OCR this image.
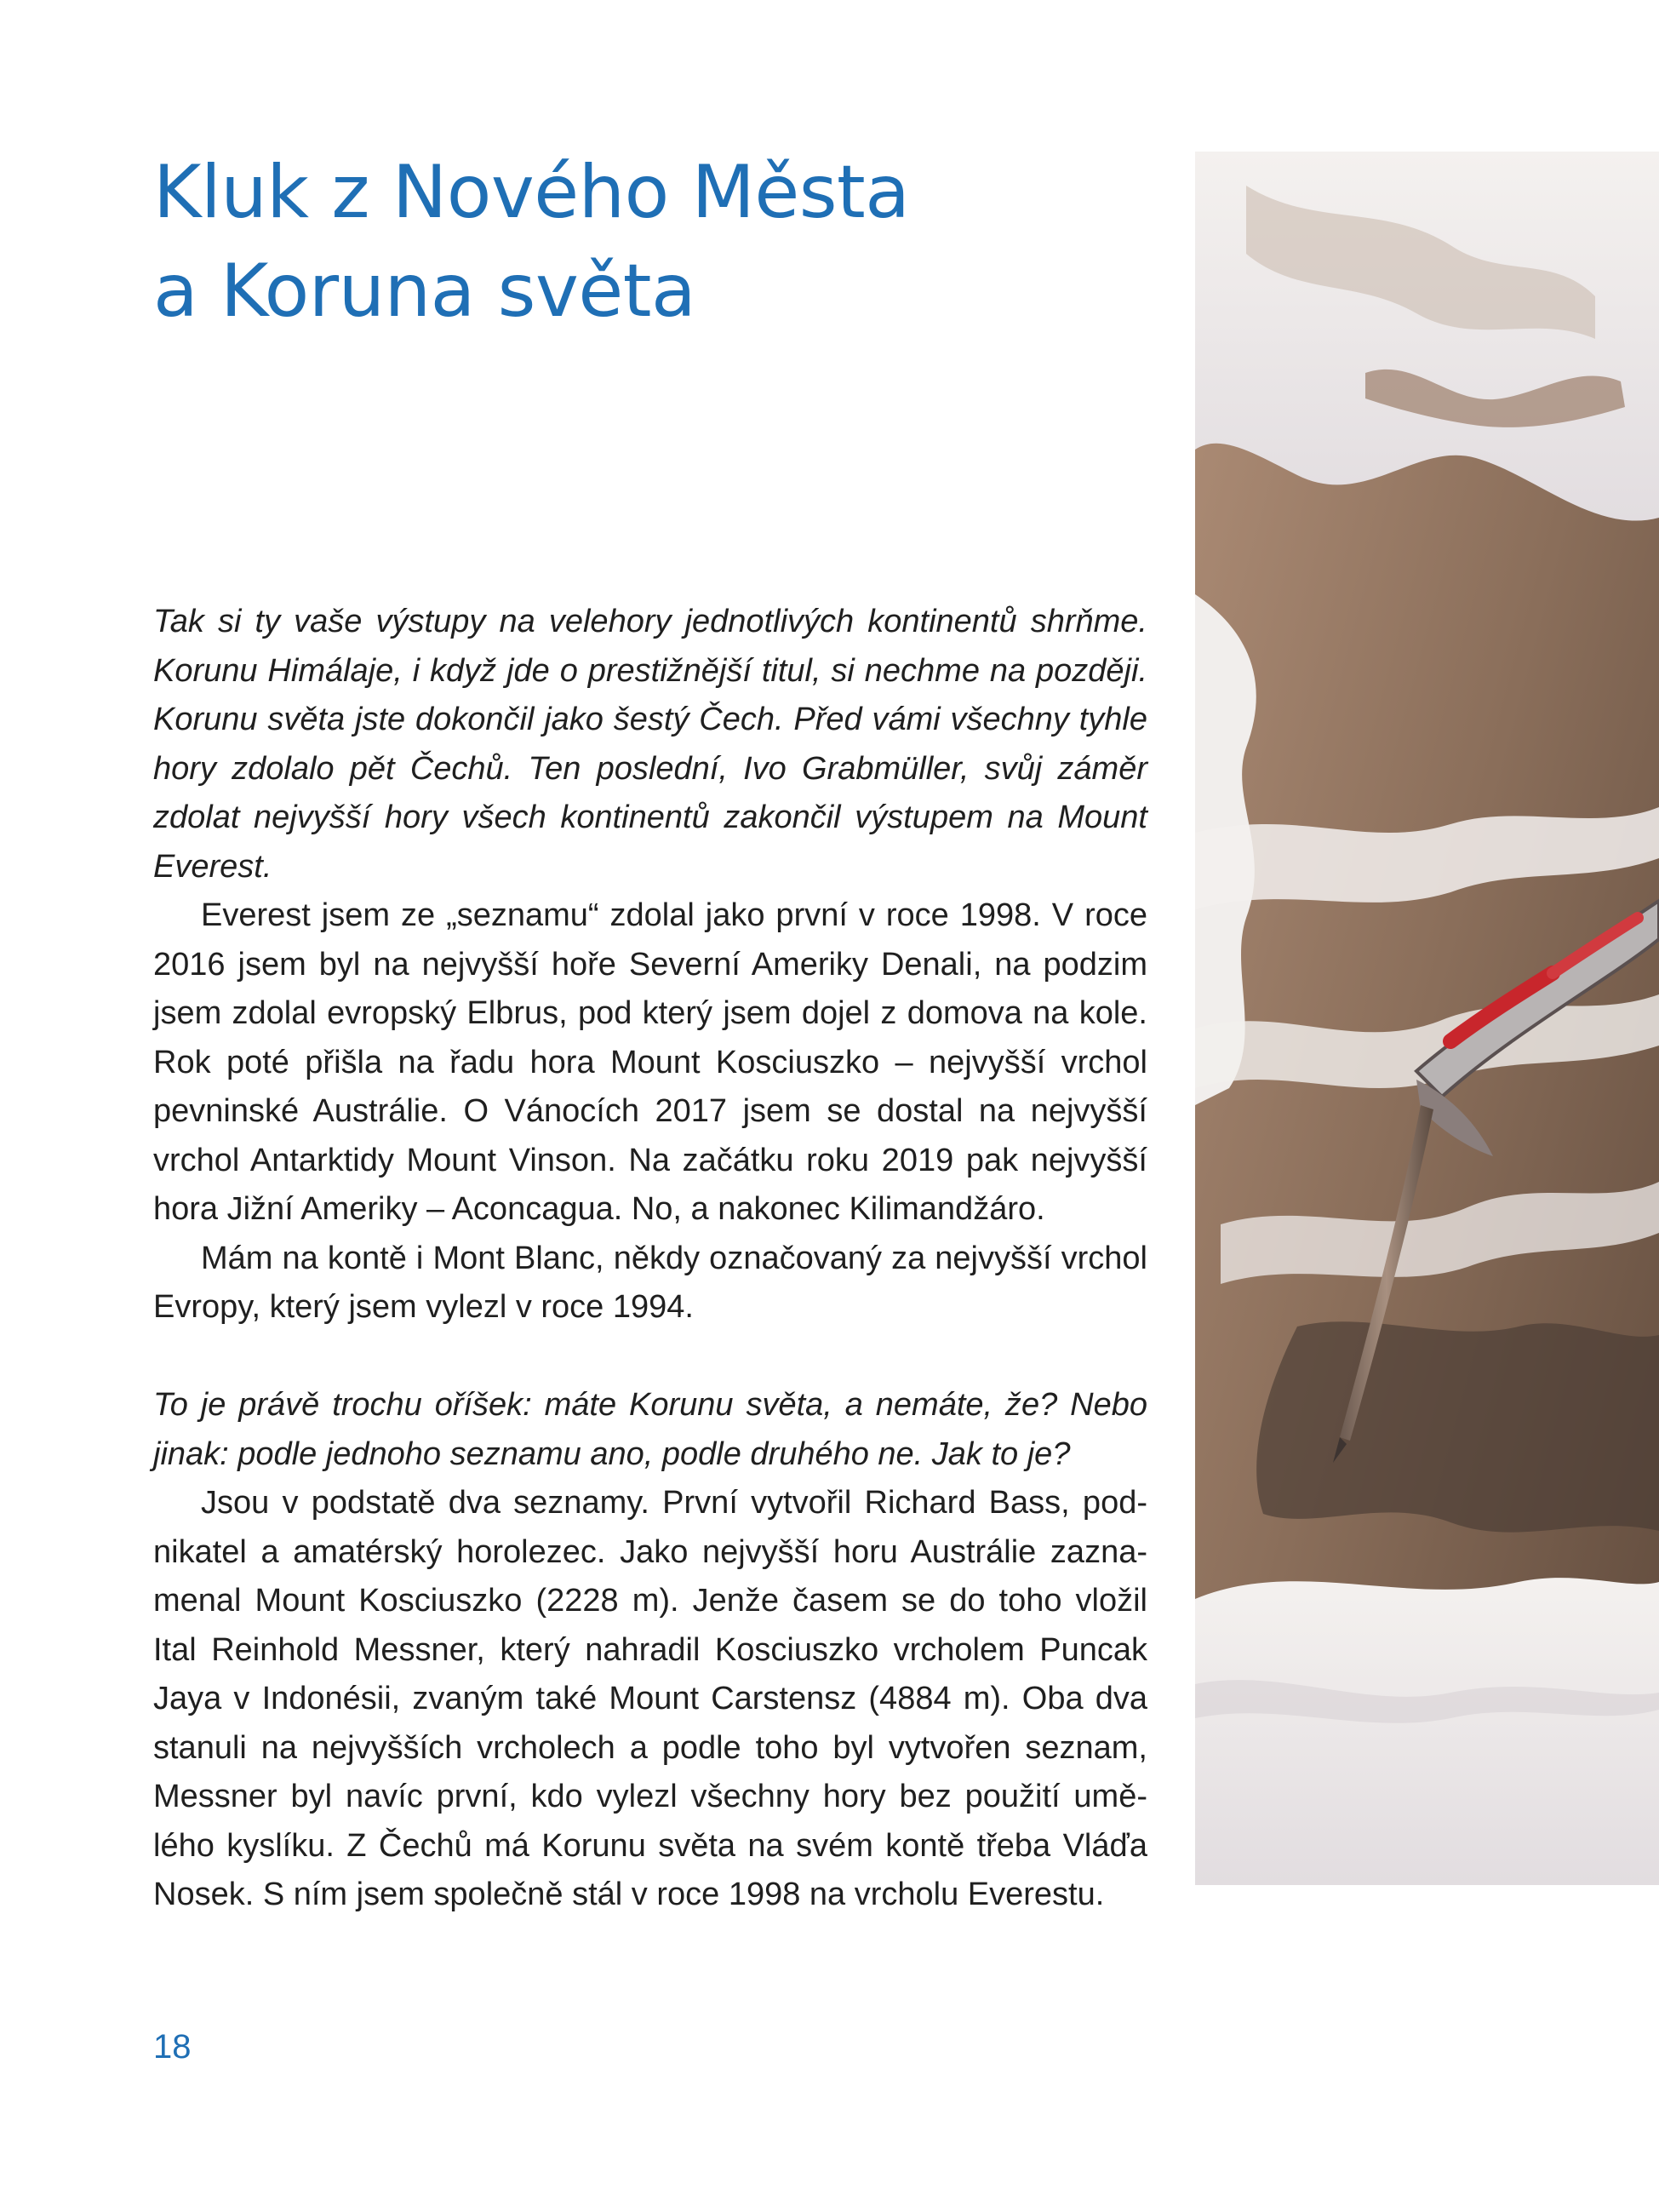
Kluk z Nového Města
a Koruna světa

Tak si ty vaše výstupy na velehory jednotlivých kontinentů shrňme. Korunu Himálaje, i když jde o prestižnější titul, si nechme na později. Korunu světa jste dokončil jako šestý Čech. Před vámi všechny tyhle hory zdolalo pět Čechů. Ten poslední, Ivo Grabmüller, svůj záměr zdolat nejvyšší hory všech kontinentů zakončil výstupem na Mount Everest.

Everest jsem ze „seznamu“ zdolal jako první v roce 1998. V roce 2016 jsem byl na nejvyšší hoře Severní Ameriky Denali, na podzim jsem zdolal evropský Elbrus, pod který jsem dojel z domova na kole. Rok poté přišla na řadu hora Mount Kosciuszko – nejvyšší vrchol pevninské Austrálie. O Vánocích 2017 jsem se dostal na nejvyšší vrchol Antarktidy Mount Vinson. Na začátku roku 2019 pak nejvyšší hora Jižní Ameriky – Aconcagua. No, a nakonec Kilimandžáro.

Mám na kontě i Mont Blanc, někdy označovaný za nejvyšší vrchol Evropy, který jsem vylezl v roce 1994.

To je právě trochu oříšek: máte Korunu světa, a nemáte, že? Nebo jinak: podle jednoho seznamu ano, podle druhého ne. Jak to je?

Jsou v podstatě dva seznamy. První vytvořil Richard Bass, podnikatel a amatérský horolezec. Jako nejvyšší horu Austrálie zaznamenal Mount Kosciuszko (2228 m). Jenže časem se do toho vložil Ital Reinhold Messner, který nahradil Kosciuszko vrcholem Puncak Jaya v Indonésii, zvaným také Mount Carstensz (4884 m). Oba dva stanuli na nejvyšších vrcholech a podle toho byl vytvořen seznam, Messner byl navíc první, kdo vylezl všechny hory bez použití umělého kyslíku. Z Čechů má Korunu světa na svém kontě třeba Vláďa Nosek. S ním jsem společně stál v roce 1998 na vrcholu Everestu.

18
